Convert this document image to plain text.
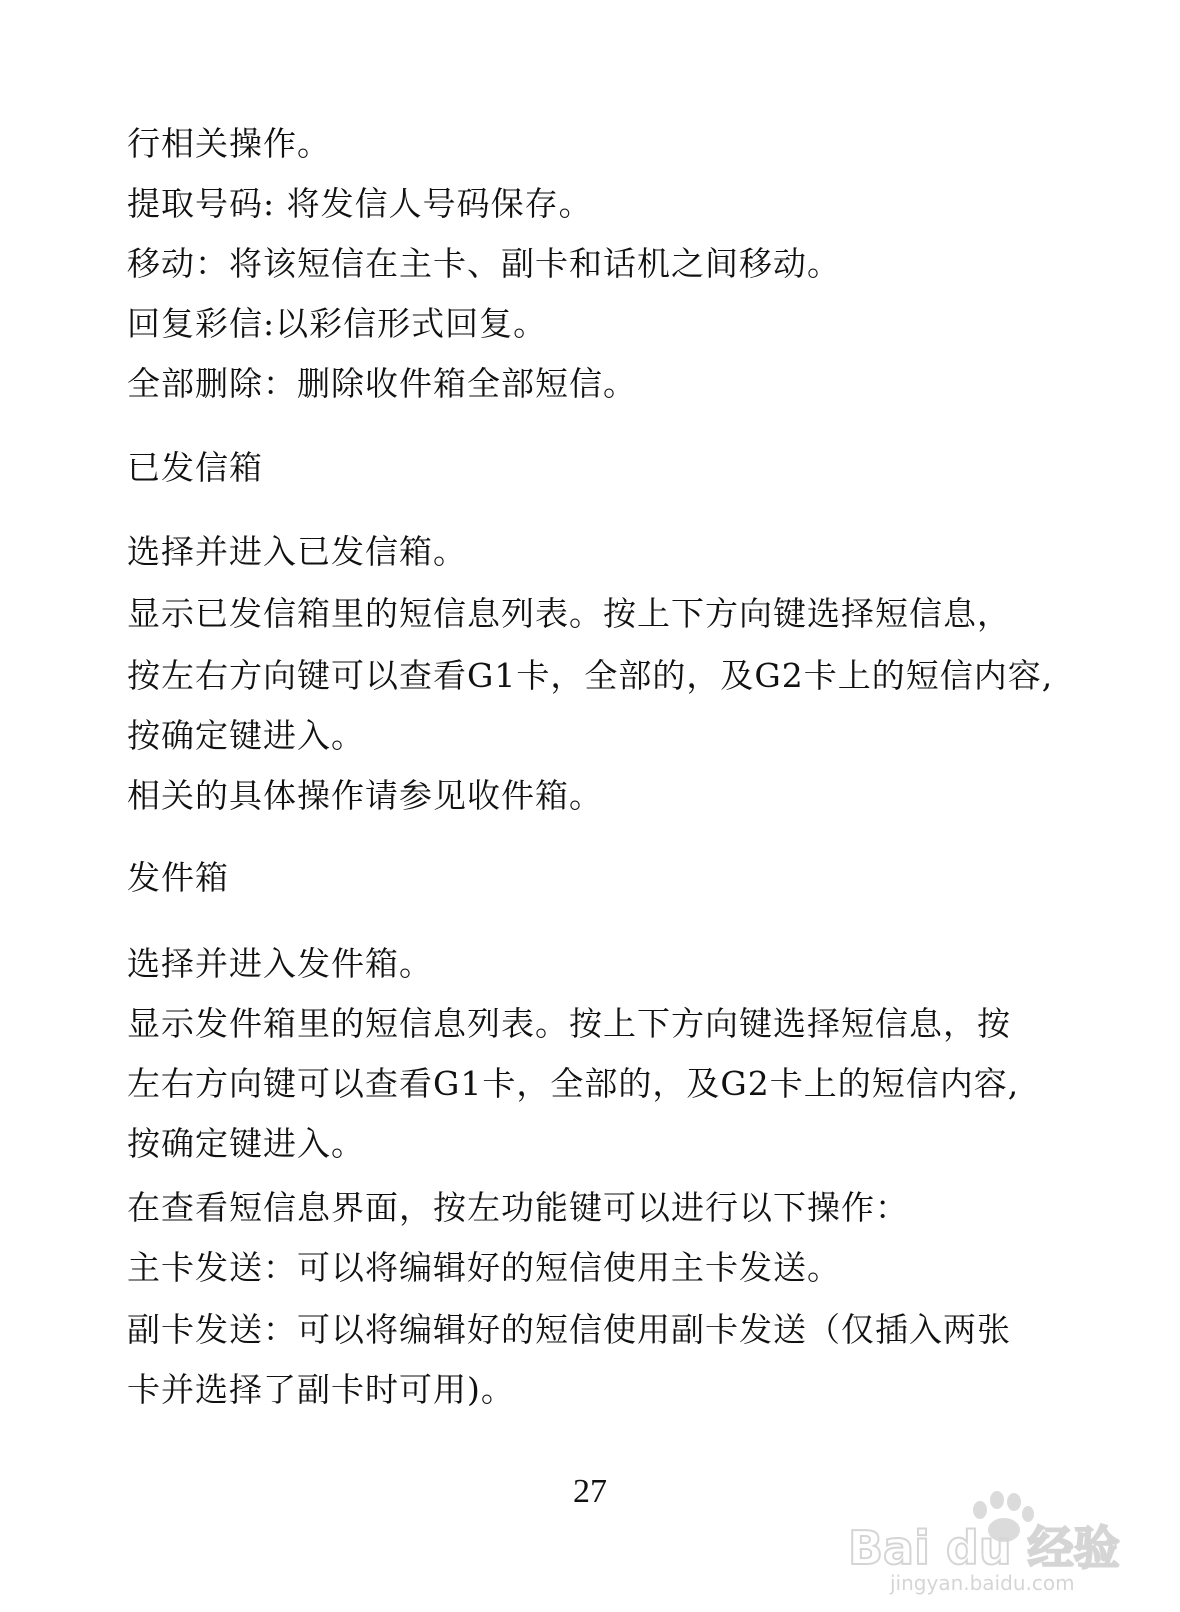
行相关操作。
提取号码: 将发信人号码保存。
移动：将该短信在主卡、副卡和话机之间移动。
回复彩信:以彩信形式回复。
全部删除：删除收件箱全部短信。
已发信箱
选择并进入已发信箱。
显示已发信箱里的短信息列表。按上下方向键选择短信息，
按左右方向键可以查看G1卡，全部的，及G2卡上的短信内容,
按确定键进入。
相关的具体操作请参见收件箱。
发件箱
选择并进入发件箱。
显示发件箱里的短信息列表。按上下方向键选择短信息，按
左右方向键可以查看G1卡，全部的，及G2卡上的短信内容,
按确定键进入。
在查看短信息界面，按左功能键可以进行以下操作：
主卡发送：可以将编辑好的短信使用主卡发送。
副卡发送：可以将编辑好的短信使用副卡发送（仅插入两张
卡并选择了副卡时可用)。
27
Bai du 经验
jingyan.baidu.com
